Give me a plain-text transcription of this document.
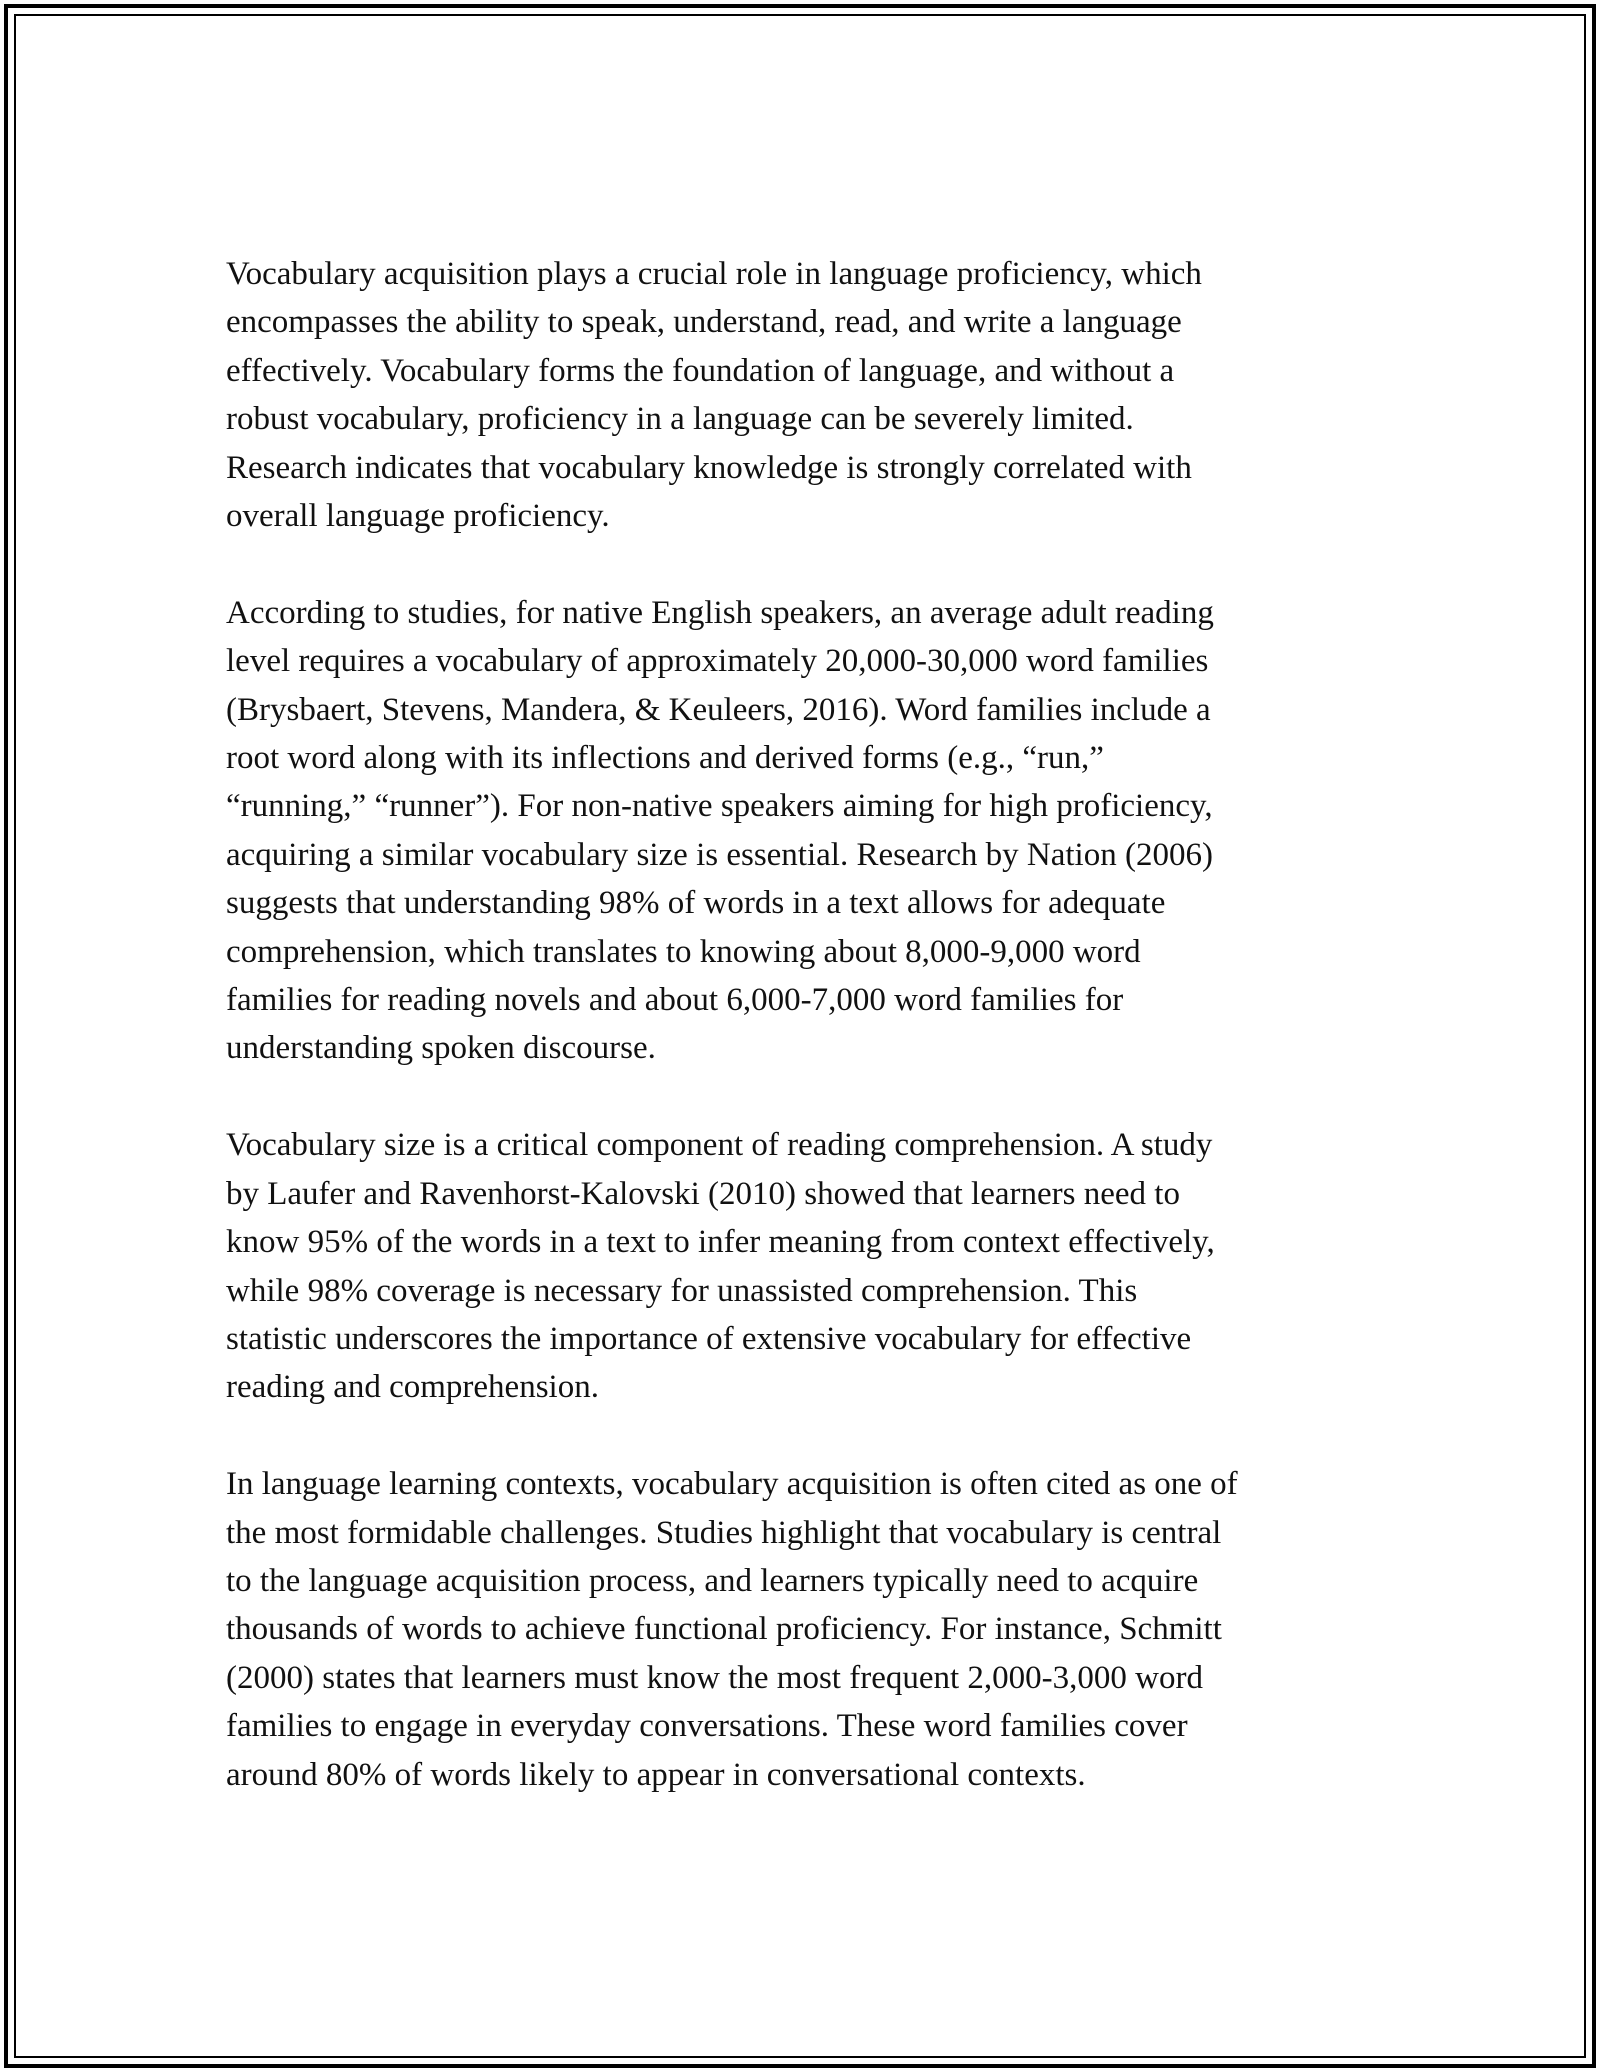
Vocabulary acquisition plays a crucial role in language proficiency, which
encompasses the ability to speak, understand, read, and write a language
effectively. Vocabulary forms the foundation of language, and without a
robust vocabulary, proficiency in a language can be severely limited.
Research indicates that vocabulary knowledge is strongly correlated with
overall language proficiency.

According to studies, for native English speakers, an average adult reading
level requires a vocabulary of approximately 20,000-30,000 word families
(Brysbaert, Stevens, Mandera, & Keuleers, 2016). Word families include a
root word along with its inflections and derived forms (e.g., “run,”
“running,” “runner”). For non-native speakers aiming for high proficiency,
acquiring a similar vocabulary size is essential. Research by Nation (2006)
suggests that understanding 98% of words in a text allows for adequate
comprehension, which translates to knowing about 8,000-9,000 word
families for reading novels and about 6,000-7,000 word families for
understanding spoken discourse.

Vocabulary size is a critical component of reading comprehension. A study
by Laufer and Ravenhorst-Kalovski (2010) showed that learners need to
know 95% of the words in a text to infer meaning from context effectively,
while 98% coverage is necessary for unassisted comprehension. This
statistic underscores the importance of extensive vocabulary for effective
reading and comprehension.

In language learning contexts, vocabulary acquisition is often cited as one of
the most formidable challenges. Studies highlight that vocabulary is central
to the language acquisition process, and learners typically need to acquire
thousands of words to achieve functional proficiency. For instance, Schmitt
(2000) states that learners must know the most frequent 2,000-3,000 word
families to engage in everyday conversations. These word families cover
around 80% of words likely to appear in conversational contexts.
